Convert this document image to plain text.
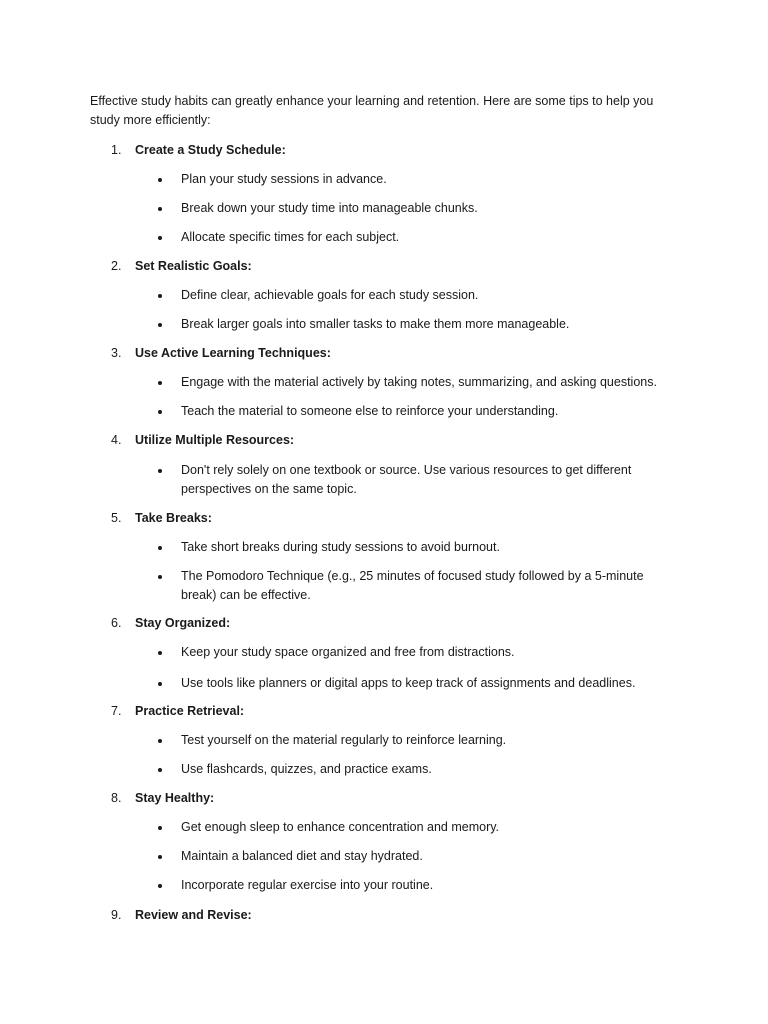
Effective study habits can greatly enhance your learning and retention. Here are some tips to help you study more efficiently:

1. Create a Study Schedule:
Plan your study sessions in advance.
Break down your study time into manageable chunks.
Allocate specific times for each subject.
2. Set Realistic Goals:
Define clear, achievable goals for each study session.
Break larger goals into smaller tasks to make them more manageable.
3. Use Active Learning Techniques:
Engage with the material actively by taking notes, summarizing, and asking questions.
Teach the material to someone else to reinforce your understanding.
4. Utilize Multiple Resources:
Don't rely solely on one textbook or source. Use various resources to get different perspectives on the same topic.
5. Take Breaks:
Take short breaks during study sessions to avoid burnout.
The Pomodoro Technique (e.g., 25 minutes of focused study followed by a 5-minute break) can be effective.
6. Stay Organized:
Keep your study space organized and free from distractions.
Use tools like planners or digital apps to keep track of assignments and deadlines.
7. Practice Retrieval:
Test yourself on the material regularly to reinforce learning.
Use flashcards, quizzes, and practice exams.
8. Stay Healthy:
Get enough sleep to enhance concentration and memory.
Maintain a balanced diet and stay hydrated.
Incorporate regular exercise into your routine.
9. Review and Revise:
